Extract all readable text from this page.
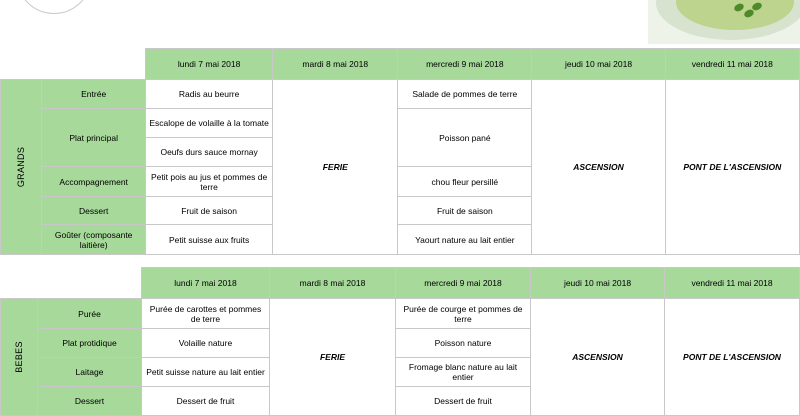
		lundi 7 mai 2018	mardi 8 mai 2018	mercredi 9 mai 2018	jeudi 10 mai 2018	vendredi 11 mai 2018
GRANDS	Entrée	Radis au beurre	FERIE	Salade de pommes de terre	ASCENSION	PONT DE L'ASCENSION
	Plat principal	Escalope de volaille à la tomate		Poisson pané		
		Oeufs durs sauce mornay				
	Accompagnement	Petit pois au jus et pommes de terre		chou fleur persillé		
	Dessert	Fruit de saison		Fruit de saison		
	Goûter (composante laitière)	Petit suisse aux fruits		Yaourt nature au lait entier		
		lundi 7 mai 2018	mardi 8 mai 2018	mercredi 9 mai 2018	jeudi 10 mai 2018	vendredi 11 mai 2018
BEBES	Purée	Purée de carottes et pommes de terre	FERIE	Purée de courge et pommes de terre	ASCENSION	PONT DE L'ASCENSION
	Plat protidique	Volaille nature		Poisson nature		
	Laitage	Petit suisse nature au lait entier		Fromage blanc nature au lait entier		
	Dessert	Dessert de fruit		Dessert de fruit		
